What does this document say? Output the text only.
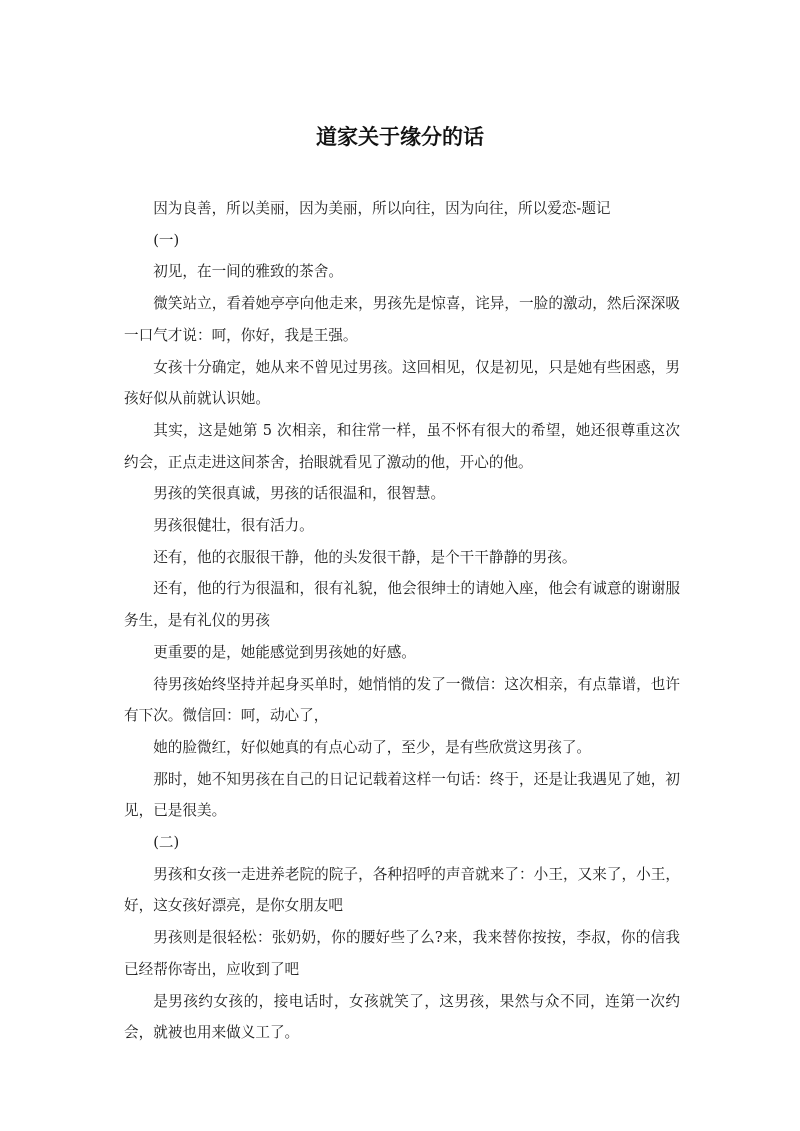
道家关于缘分的话

因为良善，所以美丽，因为美丽，所以向往，因为向往，所以爱恋-题记

(一)

初见，在一间的雅致的茶舍。

微笑站立，看着她亭亭向他走来，男孩先是惊喜，诧异，一脸的激动，然后深深吸一口气才说：呵，你好，我是王强。

女孩十分确定，她从来不曾见过男孩。这回相见，仅是初见，只是她有些困惑，男孩好似从前就认识她。

其实，这是她第 5 次相亲，和往常一样，虽不怀有很大的希望，她还很尊重这次约会，正点走进这间茶舍，抬眼就看见了激动的他，开心的他。

男孩的笑很真诚，男孩的话很温和，很智慧。

男孩很健壮，很有活力。

还有，他的衣服很干静，他的头发很干静，是个干干静静的男孩。

还有，他的行为很温和，很有礼貌，他会很绅士的请她入座，他会有诚意的谢谢服务生，是有礼仪的男孩

更重要的是，她能感觉到男孩她的好感。

待男孩始终坚持并起身买单时，她悄悄的发了一微信：这次相亲，有点靠谱，也许有下次。微信回：呵，动心了，

她的脸微红，好似她真的有点心动了，至少，是有些欣赏这男孩了。

那时，她不知男孩在自己的日记记载着这样一句话：终于，还是让我遇见了她，初见，已是很美。

(二)

男孩和女孩一走进养老院的院子，各种招呼的声音就来了：小王，又来了，小王，好，这女孩好漂亮，是你女朋友吧

男孩则是很轻松：张奶奶，你的腰好些了么?来，我来替你按按，李叔，你的信我已经帮你寄出，应收到了吧

是男孩约女孩的，接电话时，女孩就笑了，这男孩，果然与众不同，连第一次约会，就被也用来做义工了。
